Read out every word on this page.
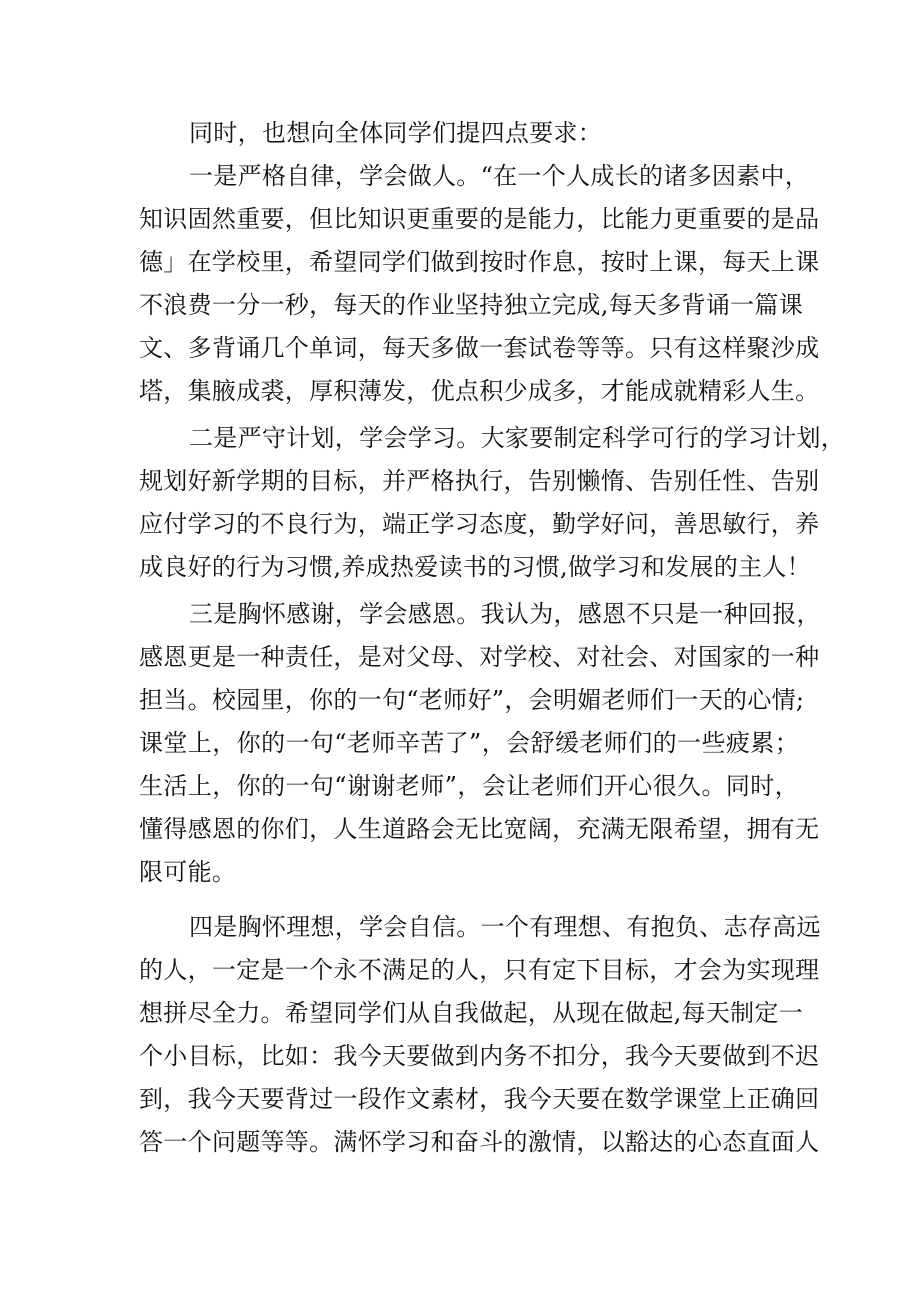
同时，也想向全体同学们提四点要求：

一是严格自律，学会做人。“在一个人成长的诸多因素中，
知识固然重要，但比知识更重要的是能力，比能力更重要的是品
德」在学校里，希望同学们做到按时作息，按时上课，每天上课
不浪费一分一秒，每天的作业坚持独立完成,每天多背诵一篇课
文、多背诵几个单词，每天多做一套试卷等等。只有这样聚沙成
塔，集腋成裘，厚积薄发，优点积少成多，才能成就精彩人生。

二是严守计划，学会学习。大家要制定科学可行的学习计划，
规划好新学期的目标，并严格执行，告别懒惰、告别任性、告别
应付学习的不良行为，端正学习态度，勤学好问，善思敏行，养
成良好的行为习惯,养成热爱读书的习惯,做学习和发展的主人！

三是胸怀感谢，学会感恩。我认为，感恩不只是一种回报，
感恩更是一种责任，是对父母、对学校、对社会、对国家的一种
担当。校园里，你的一句“老师好”，会明媚老师们一天的心情;
课堂上，你的一句“老师辛苦了”，会舒缓老师们的一些疲累；
生活上，你的一句“谢谢老师”，会让老师们开心很久。同时，
懂得感恩的你们，人生道路会无比宽阔，充满无限希望，拥有无
限可能。

四是胸怀理想，学会自信。一个有理想、有抱负、志存高远
的人，一定是一个永不满足的人，只有定下目标，才会为实现理
想拼尽全力。希望同学们从自我做起，从现在做起,每天制定一
个小目标，比如：我今天要做到内务不扣分，我今天要做到不迟
到，我今天要背过一段作文素材，我今天要在数学课堂上正确回
答一个问题等等。满怀学习和奋斗的激情，以豁达的心态直面人
